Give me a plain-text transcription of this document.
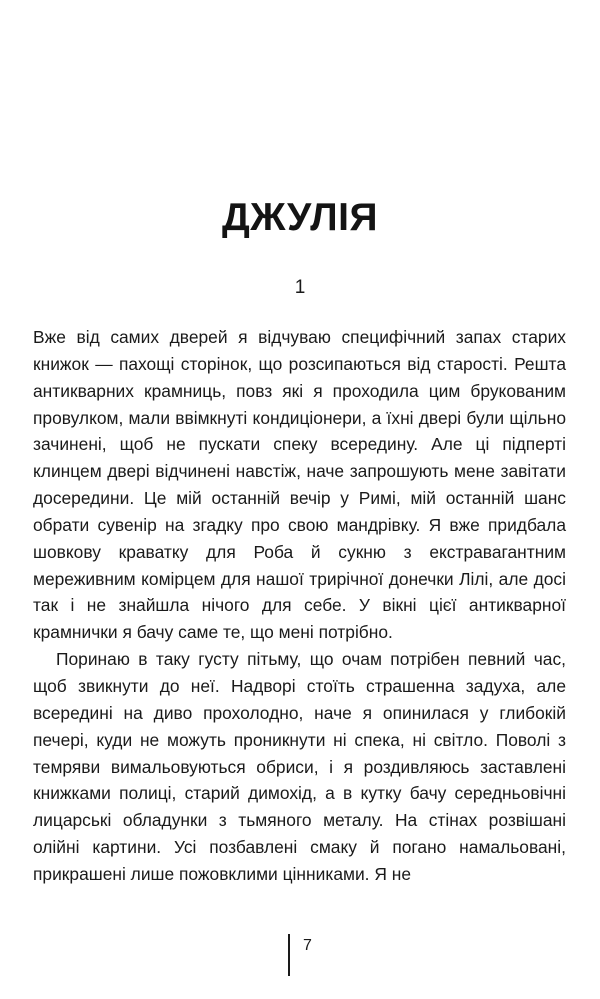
ДЖУЛІЯ
1

Вже від самих дверей я відчуваю специфічний запах старих книжок — пахощі сторінок, що розсипаються від старості. Решта антикварних крамниць, повз які я проходила цим брукованим провулком, мали ввімкнуті кондиціонери, а їхні двері були щільно зачинені, щоб не пускати спеку всередину. Але ці підперті клинцем двері відчинені навстіж, наче запрошують мене завітати досередини. Це мій останній вечір у Римі, мій останній шанс обрати сувенір на згадку про свою мандрівку. Я вже придбала шовкову краватку для Роба й сукню з екстравагантним мереживним комірцем для нашої трирічної донечки Лілі, але досі так і не знайшла нічого для себе. У вікні цієї антикварної крамнички я бачу саме те, що мені потрібно.

Поринаю в таку густу пітьму, що очам потрібен певний час, щоб звикнути до неї. Надворі стоїть страшенна задуха, але всередині на диво прохолодно, наче я опинилася у глибокій печері, куди не можуть проникнути ні спека, ні світло. Поволі з темряви вимальовуються обриси, і я роздивляюсь заставлені книжками полиці, старий димохід, а в кутку бачу середньовічні лицарські обладунки з тьмяного металу. На стінах розвішані олійні картини. Усі позбавлені смаку й погано намальовані, прикрашені лише пожовклими цінниками. Я не

7
